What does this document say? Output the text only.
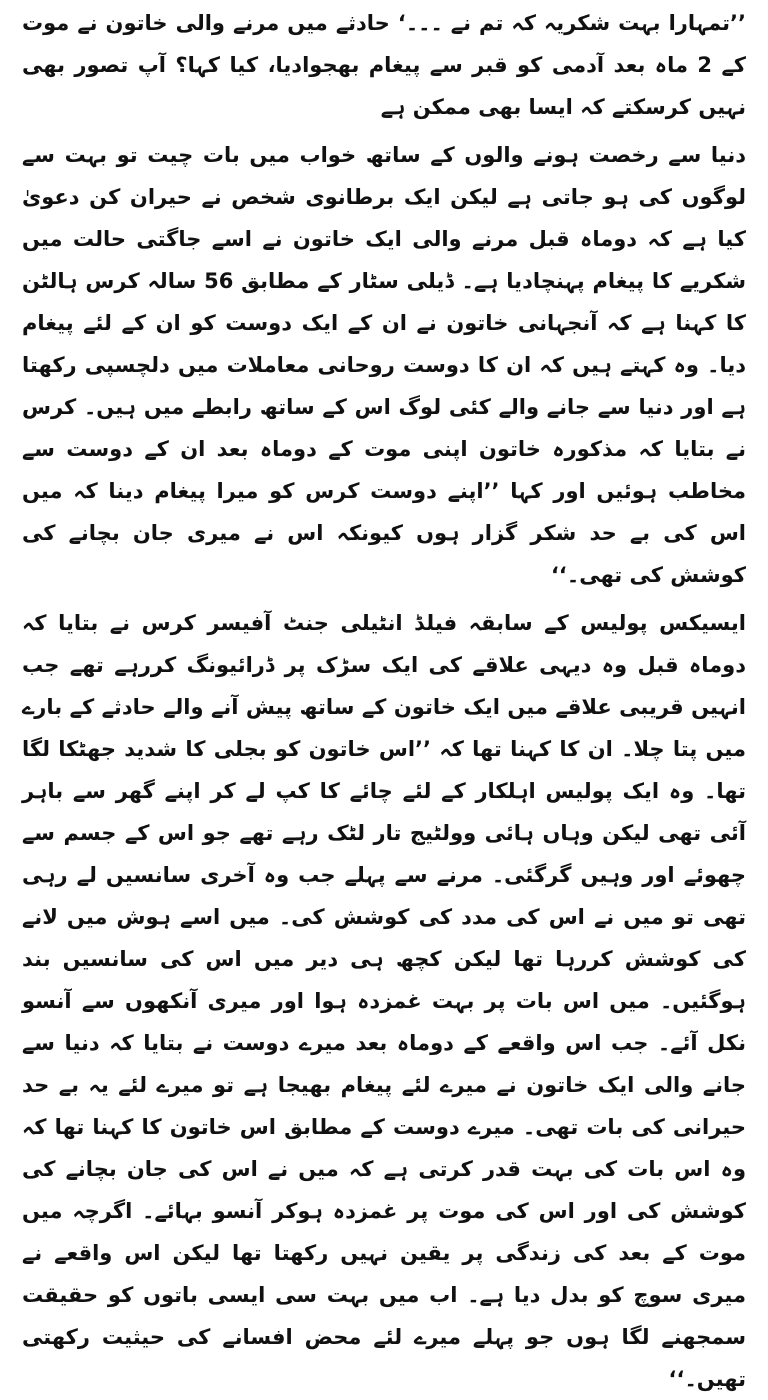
’’تمہارا بہت شکریہ کہ تم نے ۔۔۔‘ حادثے میں مرنے والی خاتون نے موت کے 2 ماہ بعد آدمی کو قبر سے پیغام بھجوادیا، کیا کہا؟ آپ تصور بھی نہیں کرسکتے کہ ایسا بھی ممکن ہے

دنیا سے رخصت ہونے والوں کے ساتھ خواب میں بات چیت تو بہت سے لوگوں کی ہو جاتی ہے لیکن ایک برطانوی شخص نے حیران کن دعویٰ کیا ہے کہ دوماہ قبل مرنے والی ایک خاتون نے اسے جاگتی حالت میں شکریے کا پیغام پہنچادیا ہے۔ ڈیلی سٹار کے مطابق 56 سالہ کرس ہالٹن کا کہنا ہے کہ آنجہانی خاتون نے ان کے ایک دوست کو ان کے لئے پیغام دیا۔ وہ کہتے ہیں کہ ان کا دوست روحانی معاملات میں دلچسپی رکھتا ہے اور دنیا سے جانے والے کئی لوگ اس کے ساتھ رابطے میں ہیں۔ کرس نے بتایا کہ مذکورہ خاتون اپنی موت کے دوماہ بعد ان کے دوست سے مخاطب ہوئیں اور کہا ’’اپنے دوست کرس کو میرا پیغام دینا کہ میں اس کی بے حد شکر گزار ہوں کیونکہ اس نے میری جان بچانے کی کوشش کی تھی۔‘‘

ایسیکس پولیس کے سابقہ فیلڈ انٹیلی جنٹ آفیسر کرس نے بتایا کہ دوماہ قبل وہ دیہی علاقے کی ایک سڑک پر ڈرائیونگ کررہے تھے جب انہیں قریبی علاقے میں ایک خاتون کے ساتھ پیش آنے والے حادثے کے بارے میں پتا چلا۔ ان کا کہنا تھا کہ ’’اس خاتون کو بجلی کا شدید جھٹکا لگا تھا۔ وہ ایک پولیس اہلکار کے لئے چائے کا کپ لے کر اپنے گھر سے باہر آئی تھی لیکن وہاں ہائی وولٹیج تار لٹک رہے تھے جو اس کے جسم سے چھوئے اور وہیں گرگئی۔ مرنے سے پہلے جب وہ آخری سانسیں لے رہی تھی تو میں نے اس کی مدد کی کوشش کی۔ میں اسے ہوش میں لانے کی کوشش کررہا تھا لیکن کچھ ہی دیر میں اس کی سانسیں بند ہوگئیں۔ میں اس بات پر بہت غمزدہ ہوا اور میری آنکھوں سے آنسو نکل آئے۔ جب اس واقعے کے دوماہ بعد میرے دوست نے بتایا کہ دنیا سے جانے والی ایک خاتون نے میرے لئے پیغام بھیجا ہے تو میرے لئے یہ بے حد حیرانی کی بات تھی۔ میرے دوست کے مطابق اس خاتون کا کہنا تھا کہ وہ اس بات کی بہت قدر کرتی ہے کہ میں نے اس کی جان بچانے کی کوشش کی اور اس کی موت پر غمزدہ ہوکر آنسو بہائے۔ اگرچہ میں موت کے بعد کی زندگی پر یقین نہیں رکھتا تھا لیکن اس واقعے نے میری سوچ کو بدل دیا ہے۔ اب میں بہت سی ایسی باتوں کو حقیقت سمجھنے لگا ہوں جو پہلے میرے لئے محض افسانے کی حیثیت رکھتی تھیں۔‘‘
